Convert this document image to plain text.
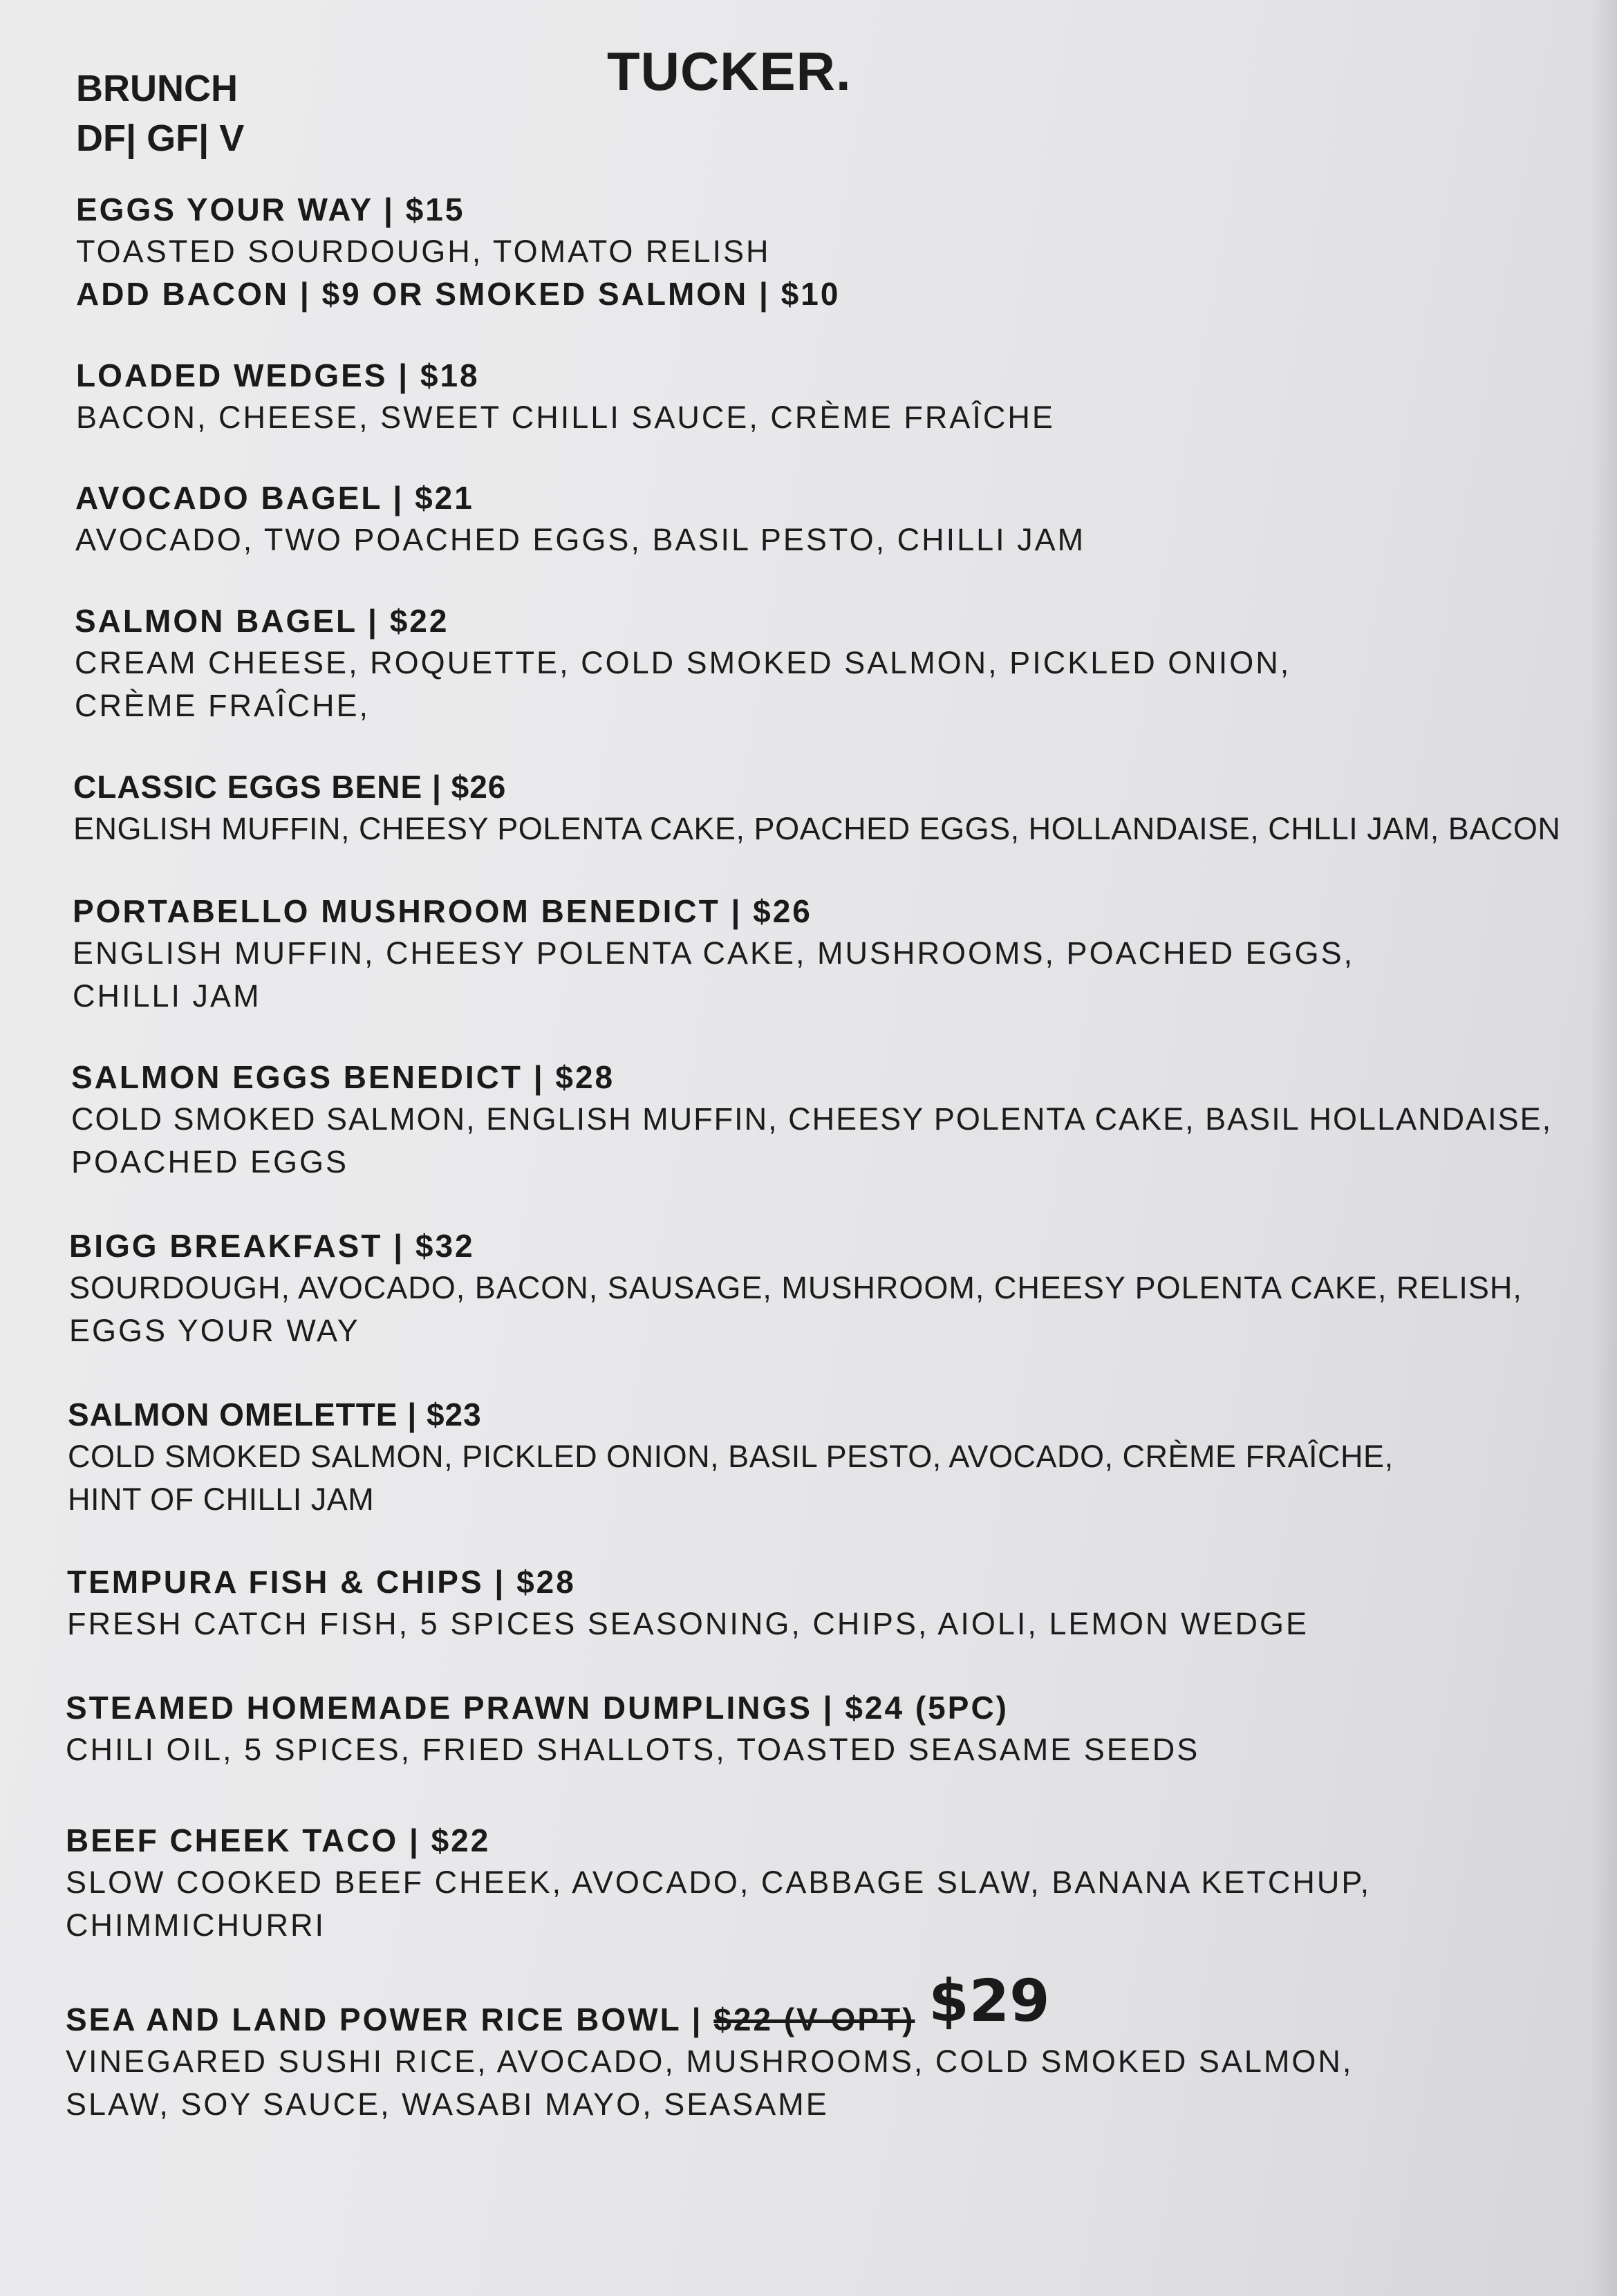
TUCKER.
BRUNCH
DF| GF| V
EGGS YOUR WAY | $15
TOASTED SOURDOUGH, TOMATO RELISH
ADD BACON | $9 OR SMOKED SALMON | $10
LOADED WEDGES | $18
BACON, CHEESE, SWEET CHILLI SAUCE, CRÈME FRAÎCHE
AVOCADO BAGEL | $21
AVOCADO, TWO POACHED EGGS, BASIL PESTO, CHILLI JAM
SALMON BAGEL | $22
CREAM CHEESE, ROQUETTE, COLD SMOKED SALMON, PICKLED ONION,
CRÈME FRAÎCHE,
CLASSIC EGGS BENE | $26
ENGLISH MUFFIN, CHEESY POLENTA CAKE, POACHED EGGS, HOLLANDAISE, CHLLI JAM, BACON
PORTABELLO MUSHROOM BENEDICT | $26
ENGLISH MUFFIN, CHEESY POLENTA CAKE, MUSHROOMS, POACHED EGGS,
CHILLI JAM
SALMON EGGS BENEDICT | $28
COLD SMOKED SALMON, ENGLISH MUFFIN, CHEESY POLENTA CAKE, BASIL HOLLANDAISE,
POACHED EGGS
BIGG BREAKFAST | $32
SOURDOUGH, AVOCADO, BACON, SAUSAGE, MUSHROOM, CHEESY POLENTA CAKE, RELISH,
EGGS YOUR WAY
SALMON OMELETTE | $23
COLD SMOKED SALMON, PICKLED ONION, BASIL PESTO, AVOCADO, CRÈME FRAÎCHE,
HINT OF CHILLI JAM
TEMPURA FISH & CHIPS | $28
FRESH CATCH FISH, 5 SPICES SEASONING, CHIPS, AIOLI, LEMON WEDGE
STEAMED HOMEMADE PRAWN DUMPLINGS | $24 (5PC)
CHILI OIL, 5 SPICES, FRIED SHALLOTS, TOASTED SEASAME SEEDS
BEEF CHEEK TACO | $22
SLOW COOKED BEEF CHEEK, AVOCADO, CABBAGE SLAW, BANANA KETCHUP,
CHIMMICHURRI
SEA AND LAND POWER RICE BOWL | $22 (V OPT) $29
VINEGARED SUSHI RICE, AVOCADO, MUSHROOMS, COLD SMOKED SALMON,
SLAW, SOY SAUCE, WASABI MAYO, SEASAME
